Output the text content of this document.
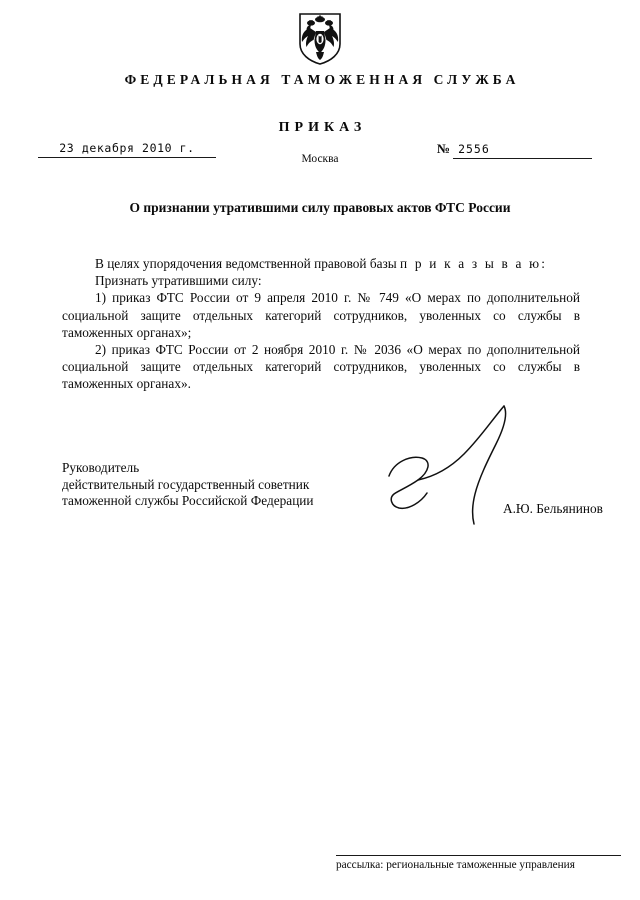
ФЕДЕРАЛЬНАЯ ТАМОЖЕННАЯ СЛУЖБА
ПРИКАЗ
23 декабря 2010 г.	№ 2556
Москва
О признании утратившими силу правовых актов ФТС России

В целях упорядочения ведомственной правовой базы п р и к а з ы в а ю:

Признать утратившими силу:

1) приказ ФТС России от 9 апреля 2010 г. № 749 «О мерах по дополнительной социальной защите отдельных категорий сотрудников, уволенных со службы в таможенных органах»;

2) приказ ФТС России от 2 ноября 2010 г. № 2036 «О мерах по дополнительной социальной защите отдельных категорий сотрудников, уволенных со службы в таможенных органах».

Руководитель
действительный государственный советник
таможенной службы Российской Федерации
А.Ю. Бельянинов
рассылка: региональные таможенные управления
